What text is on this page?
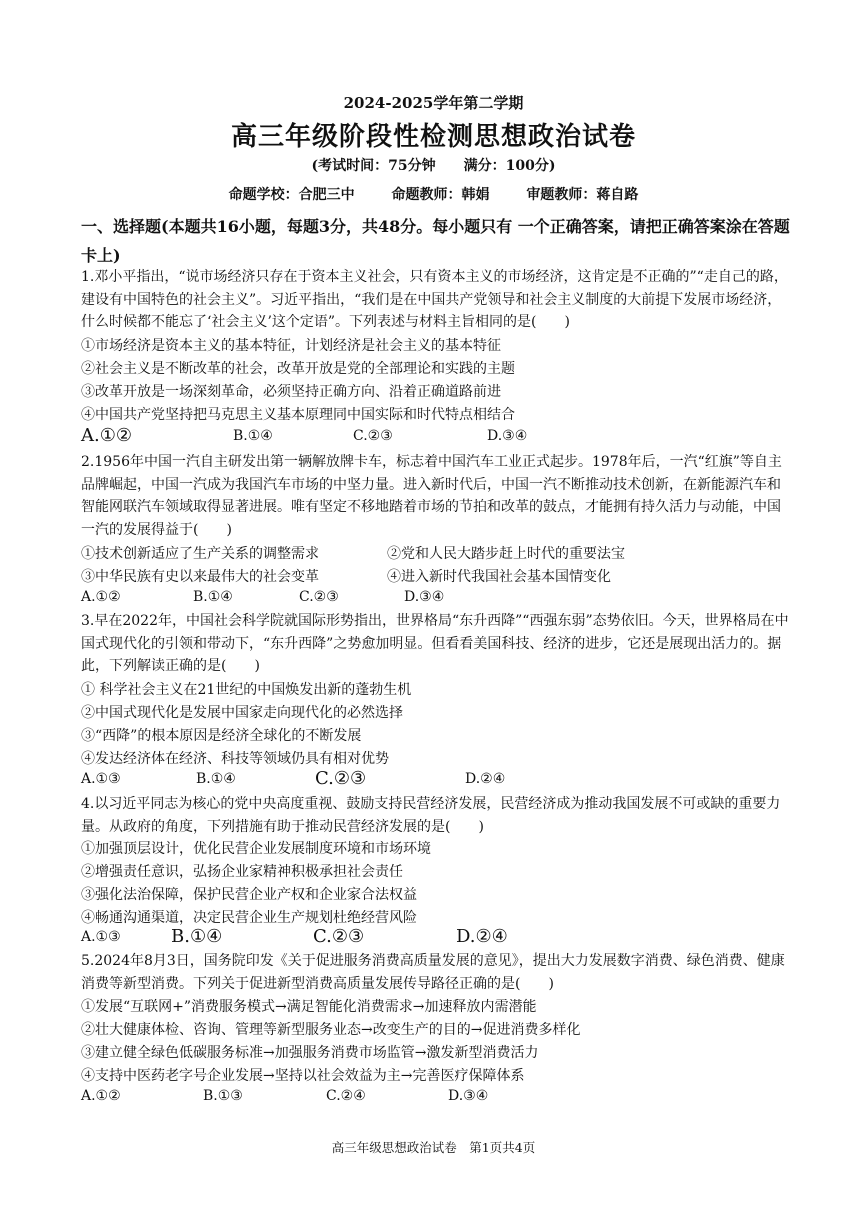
2024-2025学年第二学期
高三年级阶段性检测思想政治试卷
(考试时间：75分钟　　满分：100分)
命题学校：合肥三中	命题教师：韩娟	审题教师：蒋自路
一、选择题(本题共16小题，每题3分，共48分。每小题只有 一个正确答案，请把正确答案涂在答题卡上)
1.邓小平指出，“说市场经济只存在于资本主义社会，只有资本主义的市场经济，这肯定是不正确的”“走自己的路，建设有中国特色的社会主义”。习近平指出，“我们是在中国共产党领导和社会主义制度的大前提下发展市场经济，什么时候都不能忘了‘社会主义’这个定语”。下列表述与材料主旨相同的是(　　)
①市场经济是资本主义的基本特征，计划经济是社会主义的基本特征
②社会主义是不断改革的社会，改革开放是党的全部理论和实践的主题
③改革开放是一场深刻革命，必须坚持正确方向、沿着正确道路前进
④中国共产党坚持把马克思主义基本原理同中国实际和时代特点相结合
A.①②	B.①④	C.②③	D.③④
2.1956年中国一汽自主研发出第一辆解放牌卡车，标志着中国汽车工业正式起步。1978年后，一汽“红旗”等自主品牌崛起，中国一汽成为我国汽车市场的中坚力量。进入新时代后，中国一汽不断推动技术创新，在新能源汽车和智能网联汽车领域取得显著进展。唯有坚定不移地踏着市场的节拍和改革的鼓点，才能拥有持久活力与动能，中国一汽的发展得益于(　　)
①技术创新适应了生产关系的调整需求	②党和人民大踏步赶上时代的重要法宝
③中华民族有史以来最伟大的社会变革	④进入新时代我国社会基本国情变化
A.①②	B.①④	C.②③	D.③④
3.早在2022年，中国社会科学院就国际形势指出，世界格局“东升西降”“西强东弱”态势依旧。今天，世界格局在中国式现代化的引领和带动下，“东升西降”之势愈加明显。但看看美国科技、经济的进步，它还是展现出活力的。据此，下列解读正确的是(　　)
① 科学社会主义在21世纪的中国焕发出新的蓬勃生机
②中国式现代化是发展中国家走向现代化的必然选择
③“西降”的根本原因是经济全球化的不断发展
④发达经济体在经济、科技等领域仍具有相对优势
A.①③	B.①④	C.②③	D.②④
4.以习近平同志为核心的党中央高度重视、鼓励支持民营经济发展，民营经济成为推动我国发展不可或缺的重要力量。从政府的角度，下列措施有助于推动民营经济发展的是(　　)
①加强顶层设计，优化民营企业发展制度环境和市场环境
②增强责任意识，弘扬企业家精神积极承担社会责任
③强化法治保障，保护民营企业产权和企业家合法权益
④畅通沟通渠道，决定民营企业生产规划杜绝经营风险
A.①③	B.①④	C.②③	D.②④
5.2024年8月3日，国务院印发《关于促进服务消费高质量发展的意见》，提出大力发展数字消费、绿色消费、健康消费等新型消费。下列关于促进新型消费高质量发展传导路径正确的是(　　)
①发展“互联网+”消费服务模式→满足智能化消费需求→加速释放内需潜能
②壮大健康体检、咨询、管理等新型服务业态→改变生产的目的→促进消费多样化
③建立健全绿色低碳服务标准→加强服务消费市场监管→激发新型消费活力
④支持中医药老字号企业发展→坚持以社会效益为主→完善医疗保障体系
A.①②	B.①③	C.②④	D.③④
高三年级思想政治试卷　第1页共4页
